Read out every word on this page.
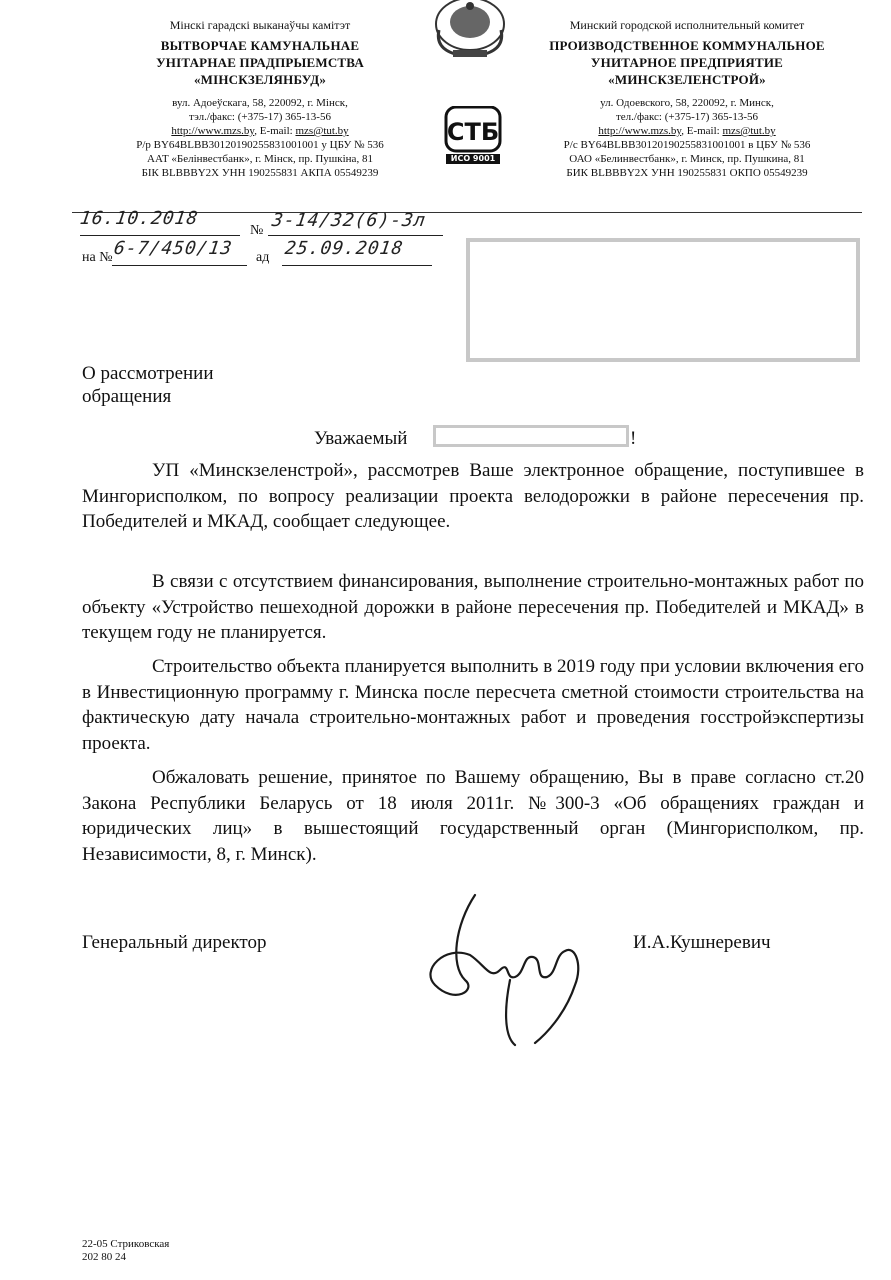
Мінскі гарадскі выканаўчы камітэт
ВЫТВОРЧАЕ КАМУНАЛЬНАЕ
УНІТАРНАЕ ПРАДПРЫЕМСТВА
«МІНСКЗЕЛЯНБУД»
вул. Адоеўскага, 58, 220092, г. Мінск,
тэл./факс: (+375-17) 365-13-56
http://www.mzs.by, E-mail: mzs@tut.by
Р/р BY64BLBB30120190255831001001 у ЦБУ № 536
ААТ «Белінвестбанк», г. Мінск, пр. Пушкіна, 81
БІК BLBBBY2X УНН 190255831 АКПА 05549239
СТБ
ИСО 9001
Минский городской исполнительный комитет
ПРОИЗВОДСТВЕННОЕ КОММУНАЛЬНОЕ
УНИТАРНОЕ ПРЕДПРИЯТИЕ
«МИНСКЗЕЛЕНСТРОЙ»
ул. Одоевского, 58, 220092, г. Минск,
тел./факс: (+375-17) 365-13-56
http://www.mzs.by, E-mail: mzs@tut.by
Р/с BY64BLBB30120190255831001001 в ЦБУ № 536
ОАО «Белинвестбанк», г. Минск, пр. Пушкина, 81
БИК BLBBBY2X УНН 190255831 ОКПО 05549239
16.10.2018
№ 3-14/32(6)-Зл
на № 6-7/450/13 ад 25.09.2018
О рассмотрении
обращения
Уважаемый	!

УП «Минскзеленстрой», рассмотрев Ваше электронное обращение, поступившее в Мингорисполком, по вопросу реализации проекта велодорожки в районе пересечения пр. Победителей и МКАД, сообщает следующее.

В связи с отсутствием финансирования, выполнение строительно-монтажных работ по объекту «Устройство пешеходной дорожки в районе пересечения пр. Победителей и МКАД» в текущем году не планируется.

Строительство объекта планируется выполнить в 2019 году при условии включения его в Инвестиционную программу г. Минска после пересчета сметной стоимости строительства на фактическую дату начала строительно-монтажных работ и проведения госстройэкспертизы проекта.

Обжаловать решение, принятое по Вашему обращению, Вы в праве согласно ст.20 Закона Республики Беларусь от 18 июля 2011г. №300-3 «Об обращениях граждан и юридических лиц» в вышестоящий государственный орган (Мингорисполком, пр. Независимости, 8, г. Минск).

Генеральный директор	И.А.Кушнеревич
22-05 Стриковская
202 80 24
